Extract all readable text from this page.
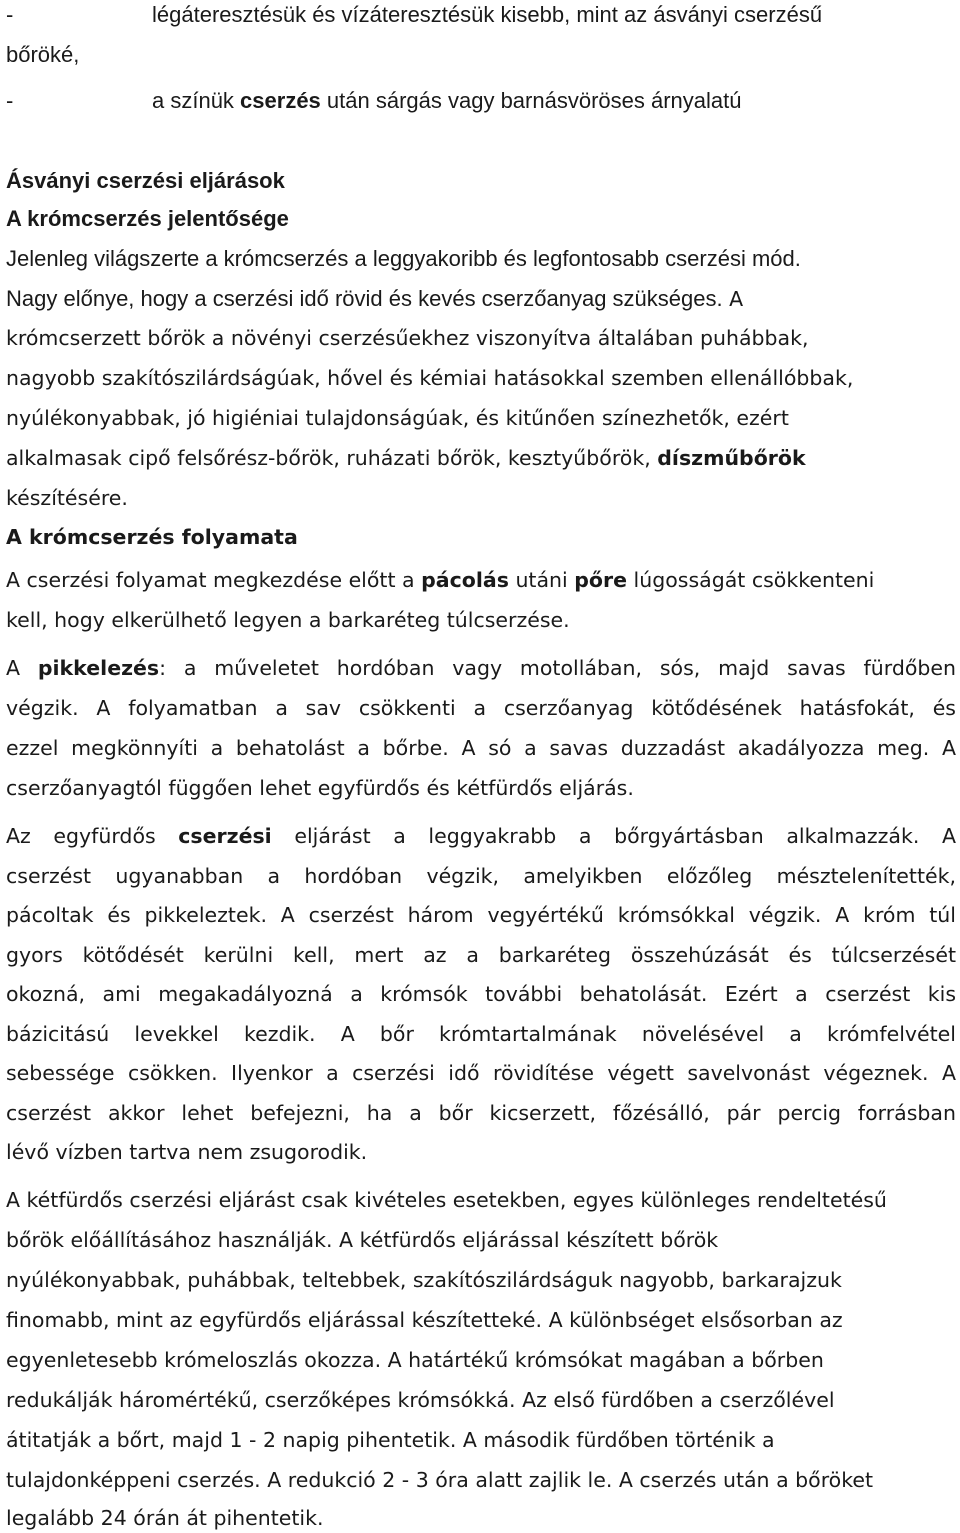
-	légáteresztésük és vízáteresztésük kisebb, mint az ásványi cserzésű
bőröké,
-	a színük cserzés után sárgás vagy barnásvöröses árnyalatú
Ásványi cserzési eljárások
A krómcserzés jelentősége
Jelenleg világszerte a krómcserzés a leggyakoribb és legfontosabb cserzési mód.
Nagy előnye, hogy a cserzési idő rövid és kevés cserzőanyag szükséges. A
krómcserzett bőrök a növényi cserzésűekhez viszonyítva általában puhábbak,
nagyobb szakítószilárdságúak, hővel és kémiai hatásokkal szemben ellenállóbbak,
nyúlékonyabbak, jó higiéniai tulajdonságúak, és kitűnően színezhetők, ezért
alkalmasak cipő felsőrész-bőrök, ruházati bőrök, kesztyűbőrök, díszműbőrök
készítésére.
A krómcserzés folyamata
A cserzési folyamat megkezdése előtt a pácolás utáni pőre lúgosságát csökkenteni
kell, hogy elkerülhető legyen a barkaréteg túlcserzése.
A pikkelezés: a műveletet hordóban vagy motollában, sós, majd savas fürdőben
végzik. A folyamatban a sav csökkenti a cserzőanyag kötődésének hatásfokát, és
ezzel megkönnyíti a behatolást a bőrbe. A só a savas duzzadást akadályozza meg. A
cserzőanyagtól függően lehet egyfürdős és kétfürdős eljárás.
Az egyfürdős cserzési eljárást a leggyakrabb a bőrgyártásban alkalmazzák. A
cserzést ugyanabban a hordóban végzik, amelyikben előzőleg mésztelenítették,
pácoltak és pikkeleztek. A cserzést három vegyértékű krómsókkal végzik. A króm túl
gyors kötődését kerülni kell, mert az a barkaréteg összehúzását és túlcserzését
okozná, ami megakadályozná a krómsók további behatolását. Ezért a cserzést kis
bázicitású levekkel kezdik. A bőr krómtartalmának növelésével a krómfelvétel
sebessége csökken. Ilyenkor a cserzési idő rövidítése végett savelvonást végeznek. A
cserzést akkor lehet befejezni, ha a bőr kicserzett, főzésálló, pár percig forrásban
lévő vízben tartva nem zsugorodik.
A kétfürdős cserzési eljárást csak kivételes esetekben, egyes különleges rendeltetésű
bőrök előállításához használják. A kétfürdős eljárással készített bőrök
nyúlékonyabbak, puhábbak, teltebbek, szakítószilárdságuk nagyobb, barkarajzuk
finomabb, mint az egyfürdős eljárással készítetteké. A különbséget elsősorban az
egyenletesebb krómeloszlás okozza. A határtékű krómsókat magában a bőrben
redukálják háromértékű, cserzőképes krómsókká. Az első fürdőben a cserzőlével
átitatják a bőrt, majd 1 - 2 napig pihentetik. A második fürdőben történik a
tulajdonképpeni cserzés. A redukció 2 - 3 óra alatt zajlik le. A cserzés után a bőröket
legalább 24 órán át pihentetik.
